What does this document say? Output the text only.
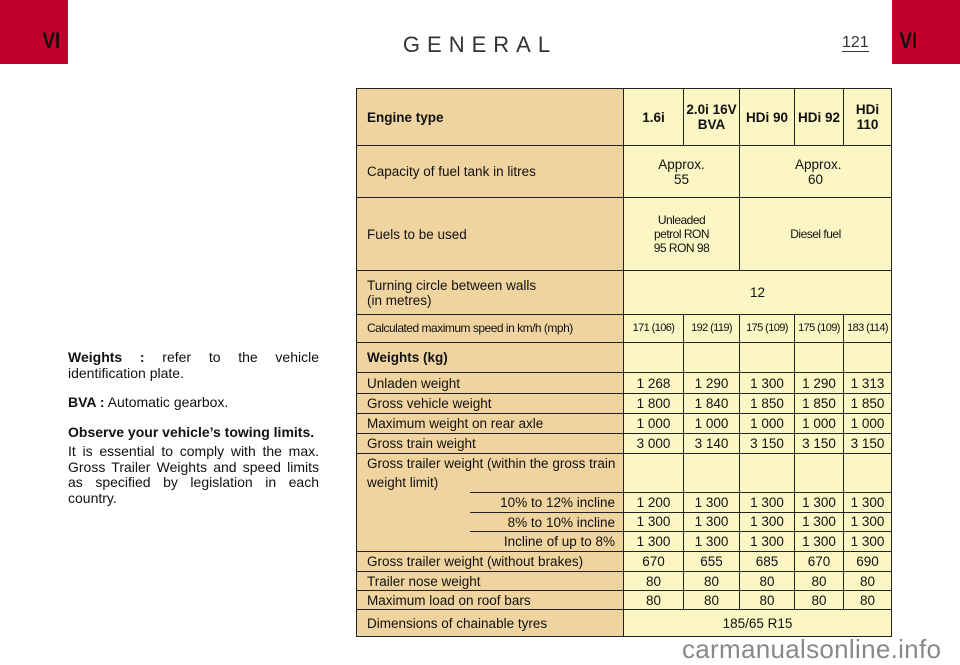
VI	VI
GENERAL	121

Weights : refer to the vehicle identification plate.

BVA : Automatic gearbox.

Observe your vehicle’s towing limits.

It is essential to comply with the max. Gross Trailer Weights and speed limits as specified by legislation in each country.

Engine type	1.6i	2.0i 16V BVA	HDi 90	HDi 92	HDi 110
Capacity of fuel tank in litres	Approx. 55		Approx. 60		
Fuels to be used	Unleaded petrol RON 95 RON 98		Diesel fuel		
Turning circle between walls (in metres)	12				
Calculated maximum speed in km/h (mph)	171 (106)	192 (119)	175 (109)	175 (109)	183 (114)
Weights (kg)					
Unladen weight	1 268	1 290	1 300	1 290	1 313
Gross vehicle weight	1 800	1 840	1 850	1 850	1 850
Maximum weight on rear axle	1 000	1 000	1 000	1 000	1 000
Gross train weight	3 000	3 140	3 150	3 150	3 150
Gross trailer weight (within the gross train weight limit)					

10% to 12% incline	1 200	1 300	1 300	1 300	1 300

8% to 10% incline	1 300	1 300	1 300	1 300	1 300

Incline of up to 8%	1 300	1 300	1 300	1 300	1 300
Gross trailer weight (without brakes)	670	655	685	670	690
Trailer nose weight	80	80	80	80	80
Maximum load on roof bars	80	80	80	80	80
Dimensions of chainable tyres	185/65 R15				
carmanualsonline.info
